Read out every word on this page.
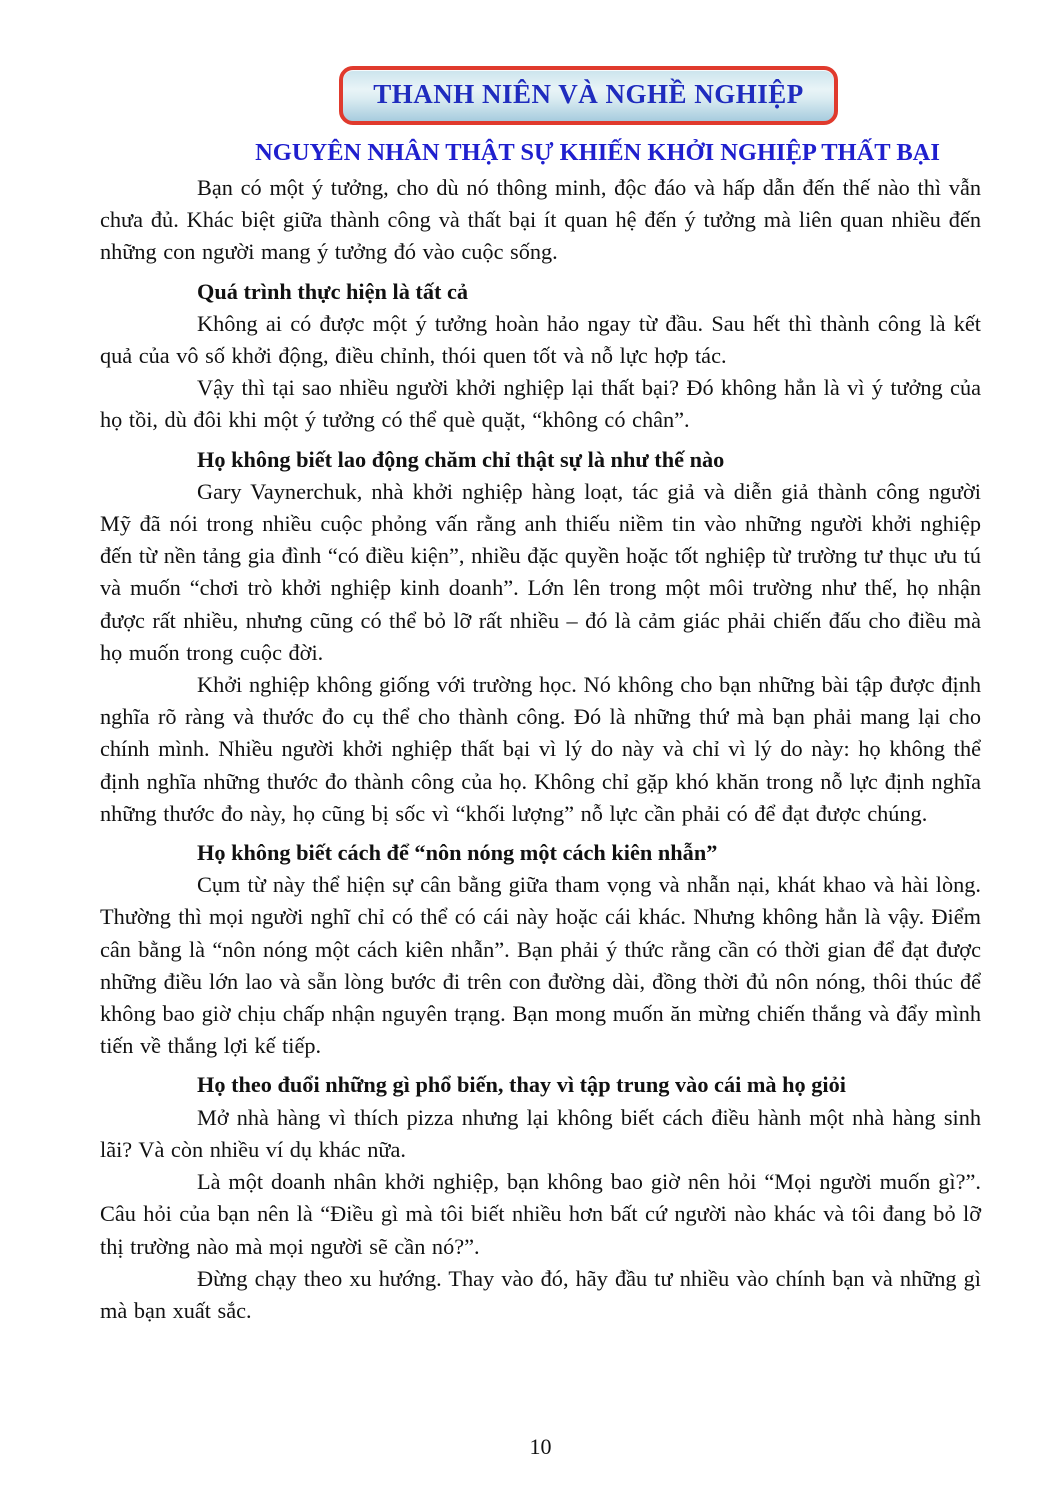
THANH NIÊN VÀ NGHỀ NGHIỆP
NGUYÊN NHÂN THẬT SỰ KHIẾN KHỞI NGHIỆP THẤT BẠI

Bạn có một ý tưởng, cho dù nó thông minh, độc đáo và hấp dẫn đến thế nào thì vẫn chưa đủ. Khác biệt giữa thành công và thất bại ít quan hệ đến ý tưởng mà liên quan nhiều đến những con người mang ý tưởng đó vào cuộc sống.

Quá trình thực hiện là tất cả

Không ai có được một ý tưởng hoàn hảo ngay từ đầu. Sau hết thì thành công là kết quả của vô số khởi động, điều chỉnh, thói quen tốt và nỗ lực hợp tác.

Vậy thì tại sao nhiều người khởi nghiệp lại thất bại? Đó không hẳn là vì ý tưởng của họ tồi, dù đôi khi một ý tưởng có thể què quặt, “không có chân”.

Họ không biết lao động chăm chỉ thật sự là như thế nào

Gary Vaynerchuk, nhà khởi nghiệp hàng loạt, tác giả và diễn giả thành công người Mỹ đã nói trong nhiều cuộc phỏng vấn rằng anh thiếu niềm tin vào những người khởi nghiệp đến từ nền tảng gia đình “có điều kiện”, nhiều đặc quyền hoặc tốt nghiệp từ trường tư thục ưu tú và muốn “chơi trò khởi nghiệp kinh doanh”. Lớn lên trong một môi trường như thế, họ nhận được rất nhiều, nhưng cũng có thể bỏ lỡ rất nhiều – đó là cảm giác phải chiến đấu cho điều mà họ muốn trong cuộc đời.

Khởi nghiệp không giống với trường học. Nó không cho bạn những bài tập được định nghĩa rõ ràng và thước đo cụ thể cho thành công. Đó là những thứ mà bạn phải mang lại cho chính mình. Nhiều người khởi nghiệp thất bại vì lý do này và chỉ vì lý do này: họ không thể định nghĩa những thước đo thành công của họ. Không chỉ gặp khó khăn trong nỗ lực định nghĩa những thước đo này, họ cũng bị sốc vì “khối lượng” nỗ lực cần phải có để đạt được chúng.

Họ không biết cách để “nôn nóng một cách kiên nhẫn”

Cụm từ này thể hiện sự cân bằng giữa tham vọng và nhẫn nại, khát khao và hài lòng. Thường thì mọi người nghĩ chỉ có thể có cái này hoặc cái khác. Nhưng không hẳn là vậy. Điểm cân bằng là “nôn nóng một cách kiên nhẫn”. Bạn phải ý thức rằng cần có thời gian để đạt được những điều lớn lao và sẵn lòng bước đi trên con đường dài, đồng thời đủ nôn nóng, thôi thúc để không bao giờ chịu chấp nhận nguyên trạng. Bạn mong muốn ăn mừng chiến thắng và đẩy mình tiến về thắng lợi kế tiếp.

Họ theo đuổi những gì phổ biến, thay vì tập trung vào cái mà họ giỏi

Mở nhà hàng vì thích pizza nhưng lại không biết cách điều hành một nhà hàng sinh lãi? Và còn nhiều ví dụ khác nữa.

Là một doanh nhân khởi nghiệp, bạn không bao giờ nên hỏi “Mọi người muốn gì?”. Câu hỏi của bạn nên là “Điều gì mà tôi biết nhiều hơn bất cứ người nào khác và tôi đang bỏ lỡ thị trường nào mà mọi người sẽ cần nó?”.

Đừng chạy theo xu hướng. Thay vào đó, hãy đầu tư nhiều vào chính bạn và những gì mà bạn xuất sắc.

10
